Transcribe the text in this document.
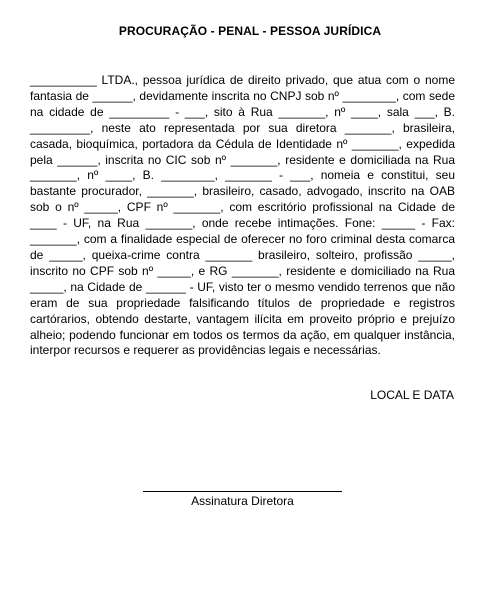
PROCURAÇÃO - PENAL - PESSOA JURÍDICA

__________ LTDA., pessoa jurídica de direito privado, que atua com o nome fantasia de ______, devidamente inscrita no CNPJ sob nº ________, com sede na cidade de _________ - ___, sito à Rua _______, nº ____, sala ___, B. _________, neste ato representada por sua diretora _______, brasileira, casada, bioquímica, portadora da Cédula de Identidade nº _______, expedida pela ______, inscrita no CIC sob nº _______, residente e domiciliada na Rua _______, nº ____, B. ________, _______ - ___, nomeia e constitui, seu bastante procurador, _______, brasileiro, casado, advogado, inscrito na OAB sob o nº _____, CPF nº _______, com escritório profissional na Cidade de ____ - UF, na Rua _______, onde recebe intimações. Fone: _____ - Fax: _______, com a finalidade especial de oferecer no foro criminal desta comarca de _____, queixa-crime contra _______ brasileiro, solteiro, profissão _____, inscrito no CPF sob nº _____, e RG _______, residente e domiciliado na Rua _____, na Cidade de ______ - UF, visto ter o mesmo vendido terrenos que não eram de sua propriedade falsificando títulos de propriedade e registros cartórarios, obtendo destarte, vantagem ilícita em proveito próprio e prejuízo alheio; podendo funcionar em todos os termos da ação, em qualquer instância, interpor recursos e requerer as providências legais e necessárias.

LOCAL E DATA
Assinatura Diretora
